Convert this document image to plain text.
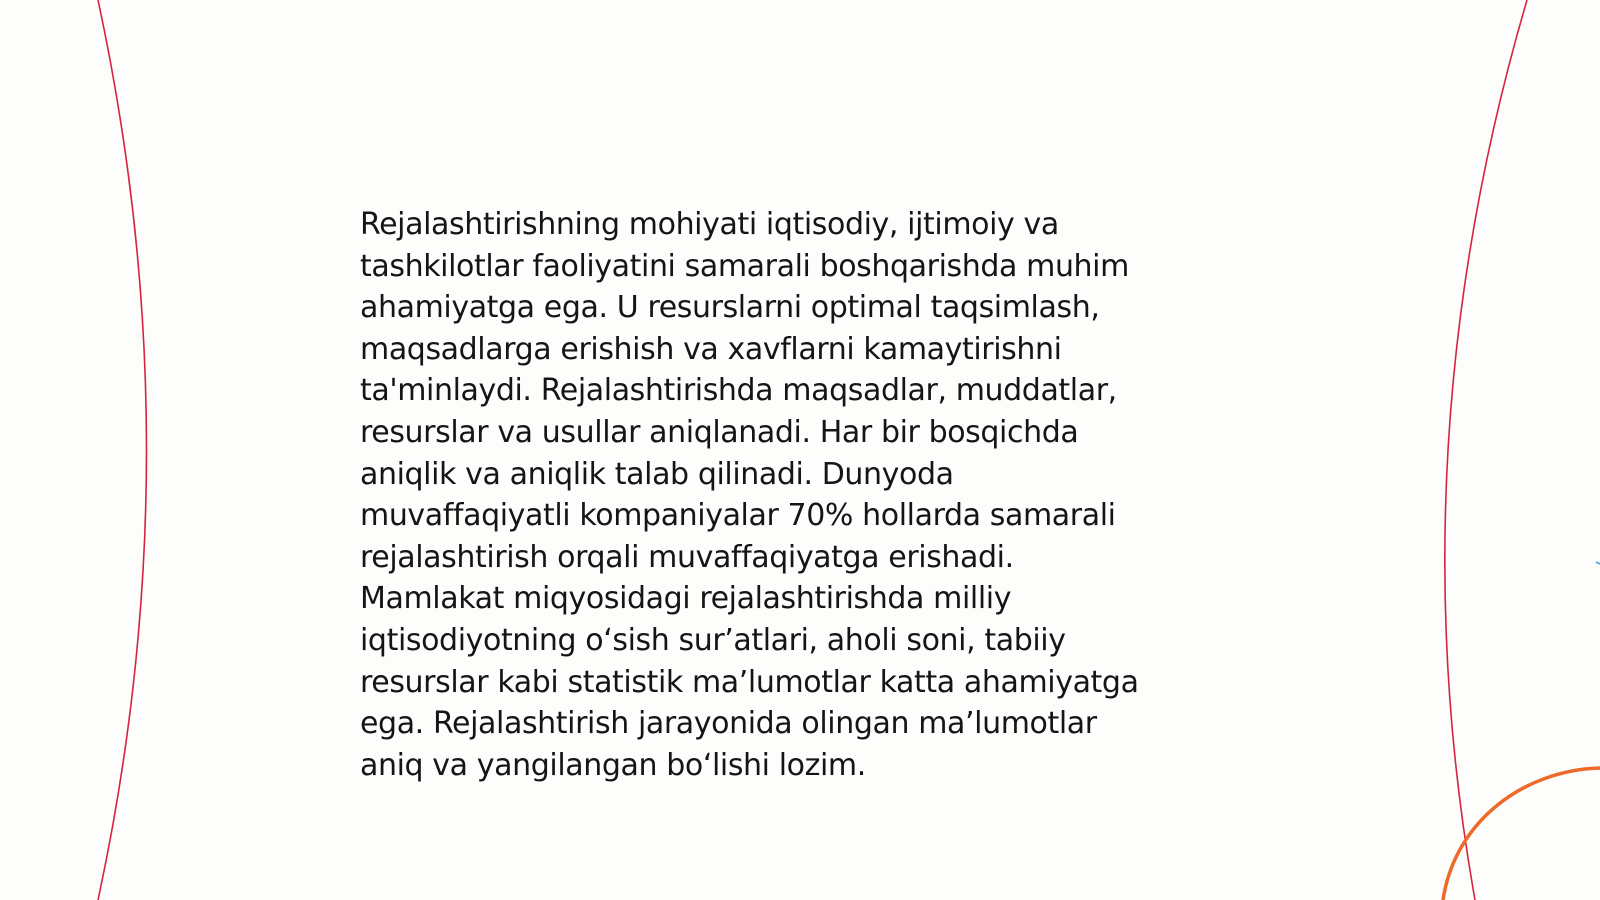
Rejalashtirishning mohiyati iqtisodiy, ijtimoiy va
tashkilotlar faoliyatini samarali boshqarishda muhim
ahamiyatga ega. U resurslarni optimal taqsimlash,
maqsadlarga erishish va xavflarni kamaytirishni
ta'minlaydi. Rejalashtirishda maqsadlar, muddatlar,
resurslar va usullar aniqlanadi. Har bir bosqichda
aniqlik va aniqlik talab qilinadi. Dunyoda
muvaffaqiyatli kompaniyalar 70% hollarda samarali
rejalashtirish orqali muvaffaqiyatga erishadi.
Mamlakat miqyosidagi rejalashtirishda milliy
iqtisodiyotning oʻsish surʼatlari, aholi soni, tabiiy
resurslar kabi statistik maʼlumotlar katta ahamiyatga
ega. Rejalashtirish jarayonida olingan maʼlumotlar
aniq va yangilangan boʻlishi lozim.
